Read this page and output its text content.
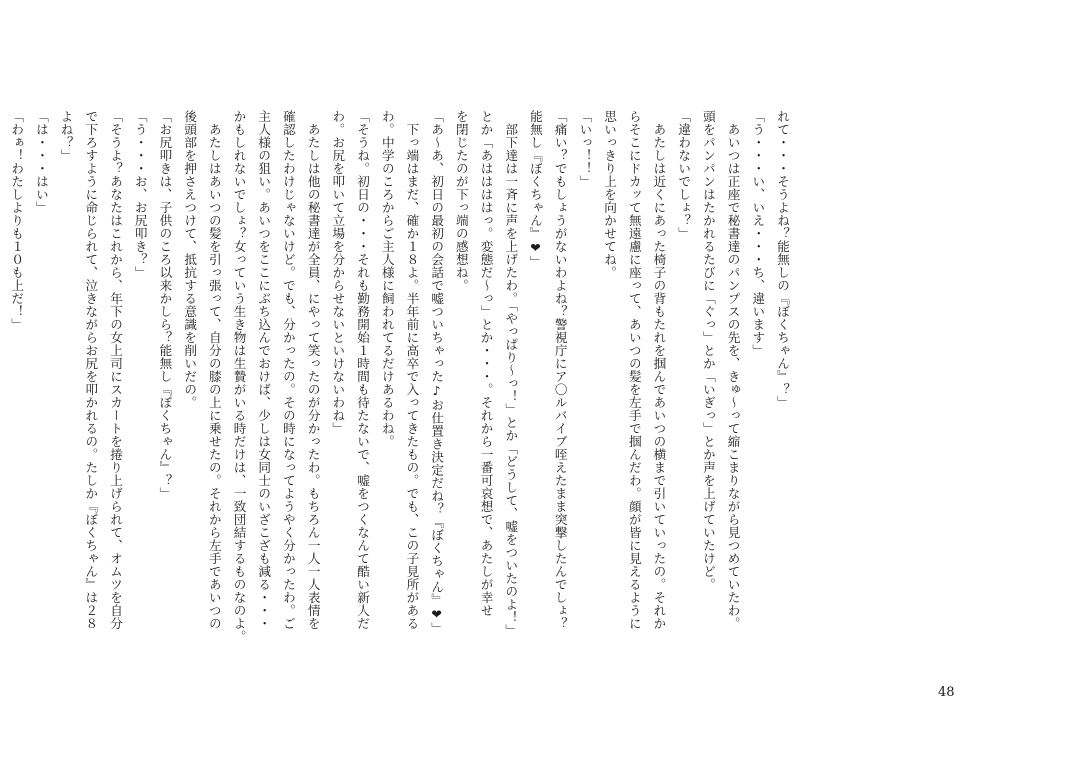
れて・・・そうよね？能無しの『ぼくちゃん』？」

「う・・・い、いえ・・・ち、違います」

　あいつは正座で秘書達のパンプスの先を、きゅ〜って縮こまりながら見つめていたわ。

頭をパンパンはたかれるたびに「ぐっ」とか「いぎっ」とか声を上げていたけど。

「違わないでしょ？」

　あたしは近くにあった椅子の背もたれを掴んであいつの横まで引いていったの。それか

らそこにドカッて無遠慮に座って、あいつの髪を左手で掴んだわ。顔が皆に見えるように

思いっきり上を向かせてね。

「いっ！！」

「痛い？でもしょうがないわよね？警視庁にア〇ルバイブ咥えたまま突撃したんでしょ？

能無し『ぼくちゃん』❤」

　部下達は一斉に声を上げたわ。「やっぱり〜っ！」とか「どうして、嘘をついたのよ！」

とか「あははははっ。変態だ〜っ」とか・・・。それから一番可哀想で、あたしが幸せ

を閉じたのが下っ端の感想ね。

「あ〜あ、初日の最初の会話で嘘ついちゃった♪お仕置き決定だね？『ぼくちゃん』❤」

　下っ端はまだ、確か１８よ。半年前に高卒で入ってきたもの。でも、この子見所がある

わ。中学のころからご主人様に飼われてるだけあるわね。

「そうね。初日の・・・それも勤務開始１時間も待たないで、嘘をつくなんて酷い新人だ

わ。お尻を叩いて立場を分からせないといけないわね」

　あたしは他の秘書達が全員、にやって笑ったのが分かったわ。もちろん一人一人表情を

確認したわけじゃないけど。でも、分かったの。その時になってようやく分かったわ。ご

主人様の狙い。あいつをここにぶち込んでおけば、少しは女同士のいざこざも減る・・・

かもしれないでしょ？女っていう生き物は生贄がいる時だけは、一致団結するものなのよ。

　あたしはあいつの髪を引っ張って、自分の膝の上に乗せたの。それから左手であいつの

後頭部を押さえつけて、抵抗する意識を削いだの。

「お尻叩きは、子供のころ以来かしら？能無し『ぼくちゃん』？」

「う・・・お、お尻叩き？」

「そうよ？あなたはこれから、年下の女上司にスカートを捲り上げられて、オムツを自分

で下ろすように命じられて、泣きながらお尻を叩かれるの。たしか『ぼくちゃん』は２８

よね？」

「は・・・はい」

「わぁ！わたしよりも１０も上だ！」

48
